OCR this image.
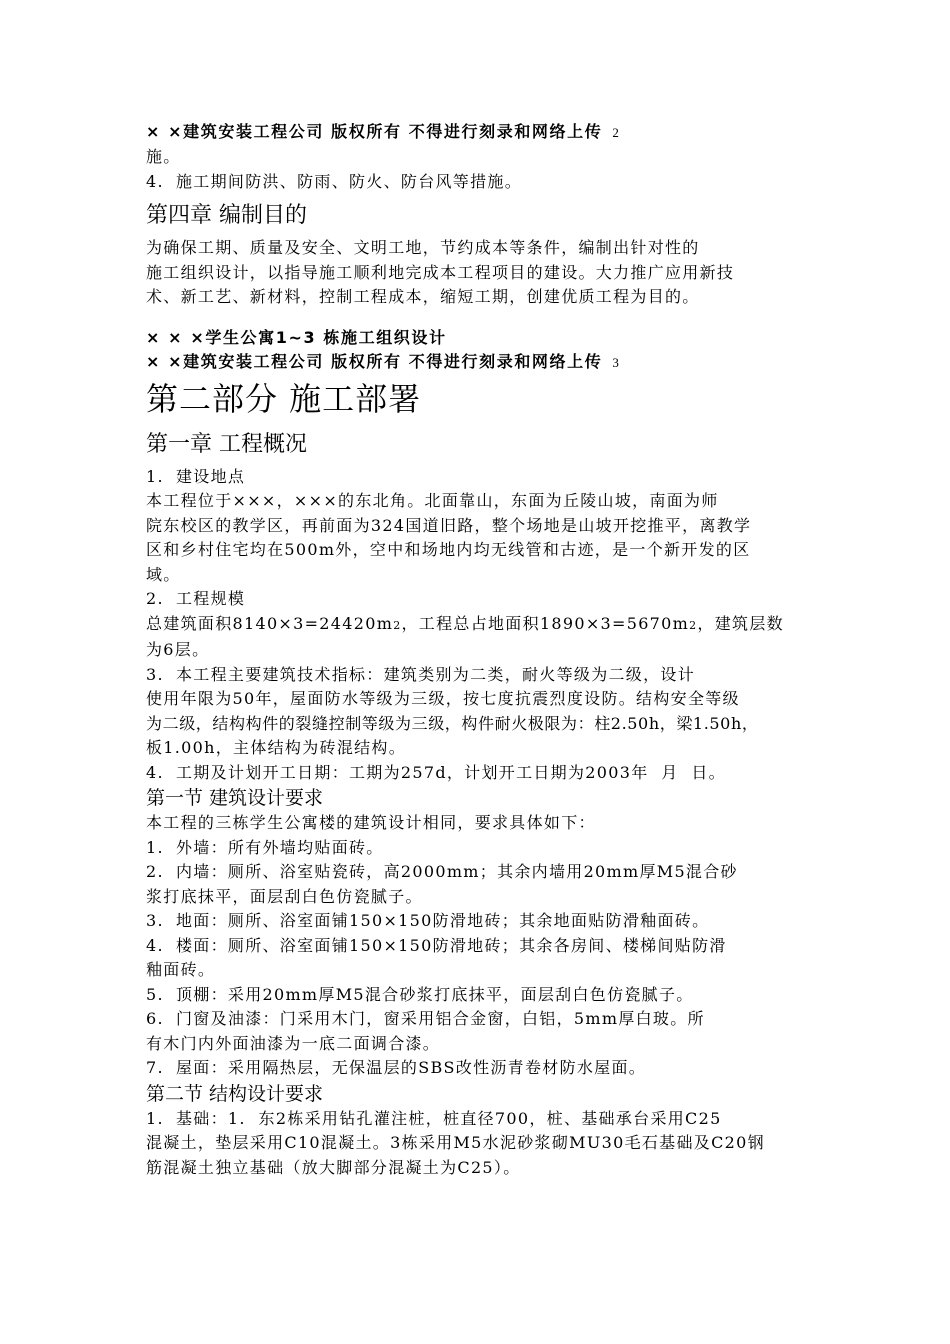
× ×建筑安装工程公司 版权所有 不得进行刻录和网络上传 2
施。
4. 施工期间防洪、防雨、防火、防台风等措施。
第四章 编制目的
为确保工期、质量及安全、文明工地，节约成本等条件，编制出针对性的
施工组织设计，以指导施工顺利地完成本工程项目的建设。大力推广应用新技
术、新工艺、新材料，控制工程成本，缩短工期，创建优质工程为目的。
× × ×学生公寓1~3 栋施工组织设计
× ×建筑安装工程公司 版权所有 不得进行刻录和网络上传 3
第二部分 施工部署
第一章 工程概况
1. 建设地点
本工程位于×××，×××的东北角。北面靠山，东面为丘陵山坡，南面为师
院东校区的教学区，再前面为324国道旧路，整个场地是山坡开挖推平，离教学
区和乡村住宅均在500m外，空中和场地内均无线管和古迹，是一个新开发的区
域。
2. 工程规模
总建筑面积8140×3=24420m2，工程总占地面积1890×3=5670m2，建筑层数
为6层。
3. 本工程主要建筑技术指标：建筑类别为二类，耐火等级为二级，设计
使用年限为50年，屋面防水等级为三级，按七度抗震烈度设防。结构安全等级
为二级，结构构件的裂缝控制等级为三级，构件耐火极限为：柱2.50h，梁1.50h，
板1.00h，主体结构为砖混结构。
4. 工期及计划开工日期：工期为257d，计划开工日期为2003年  月  日。
第一节 建筑设计要求
本工程的三栋学生公寓楼的建筑设计相同，要求具体如下：
1. 外墙：所有外墙均贴面砖。
2. 内墙：厕所、浴室贴瓷砖，高2000mm；其余内墙用20mm厚M5混合砂
浆打底抹平，面层刮白色仿瓷腻子。
3. 地面：厕所、浴室面铺150×150防滑地砖；其余地面贴防滑釉面砖。
4. 楼面：厕所、浴室面铺150×150防滑地砖；其余各房间、楼梯间贴防滑
釉面砖。
5. 顶棚：采用20mm厚M5混合砂浆打底抹平，面层刮白色仿瓷腻子。
6. 门窗及油漆：门采用木门，窗采用铝合金窗，白铝，5mm厚白玻。所
有木门内外面油漆为一底二面调合漆。
7. 屋面：采用隔热层，无保温层的SBS改性沥青卷材防水屋面。
第二节 结构设计要求
1. 基础：1.  东2栋采用钻孔灌注桩，桩直径700，桩、基础承台采用C25
混凝土，垫层采用C10混凝土。3栋采用M5水泥砂浆砌MU30毛石基础及C20钢
筋混凝土独立基础（放大脚部分混凝土为C25）。
